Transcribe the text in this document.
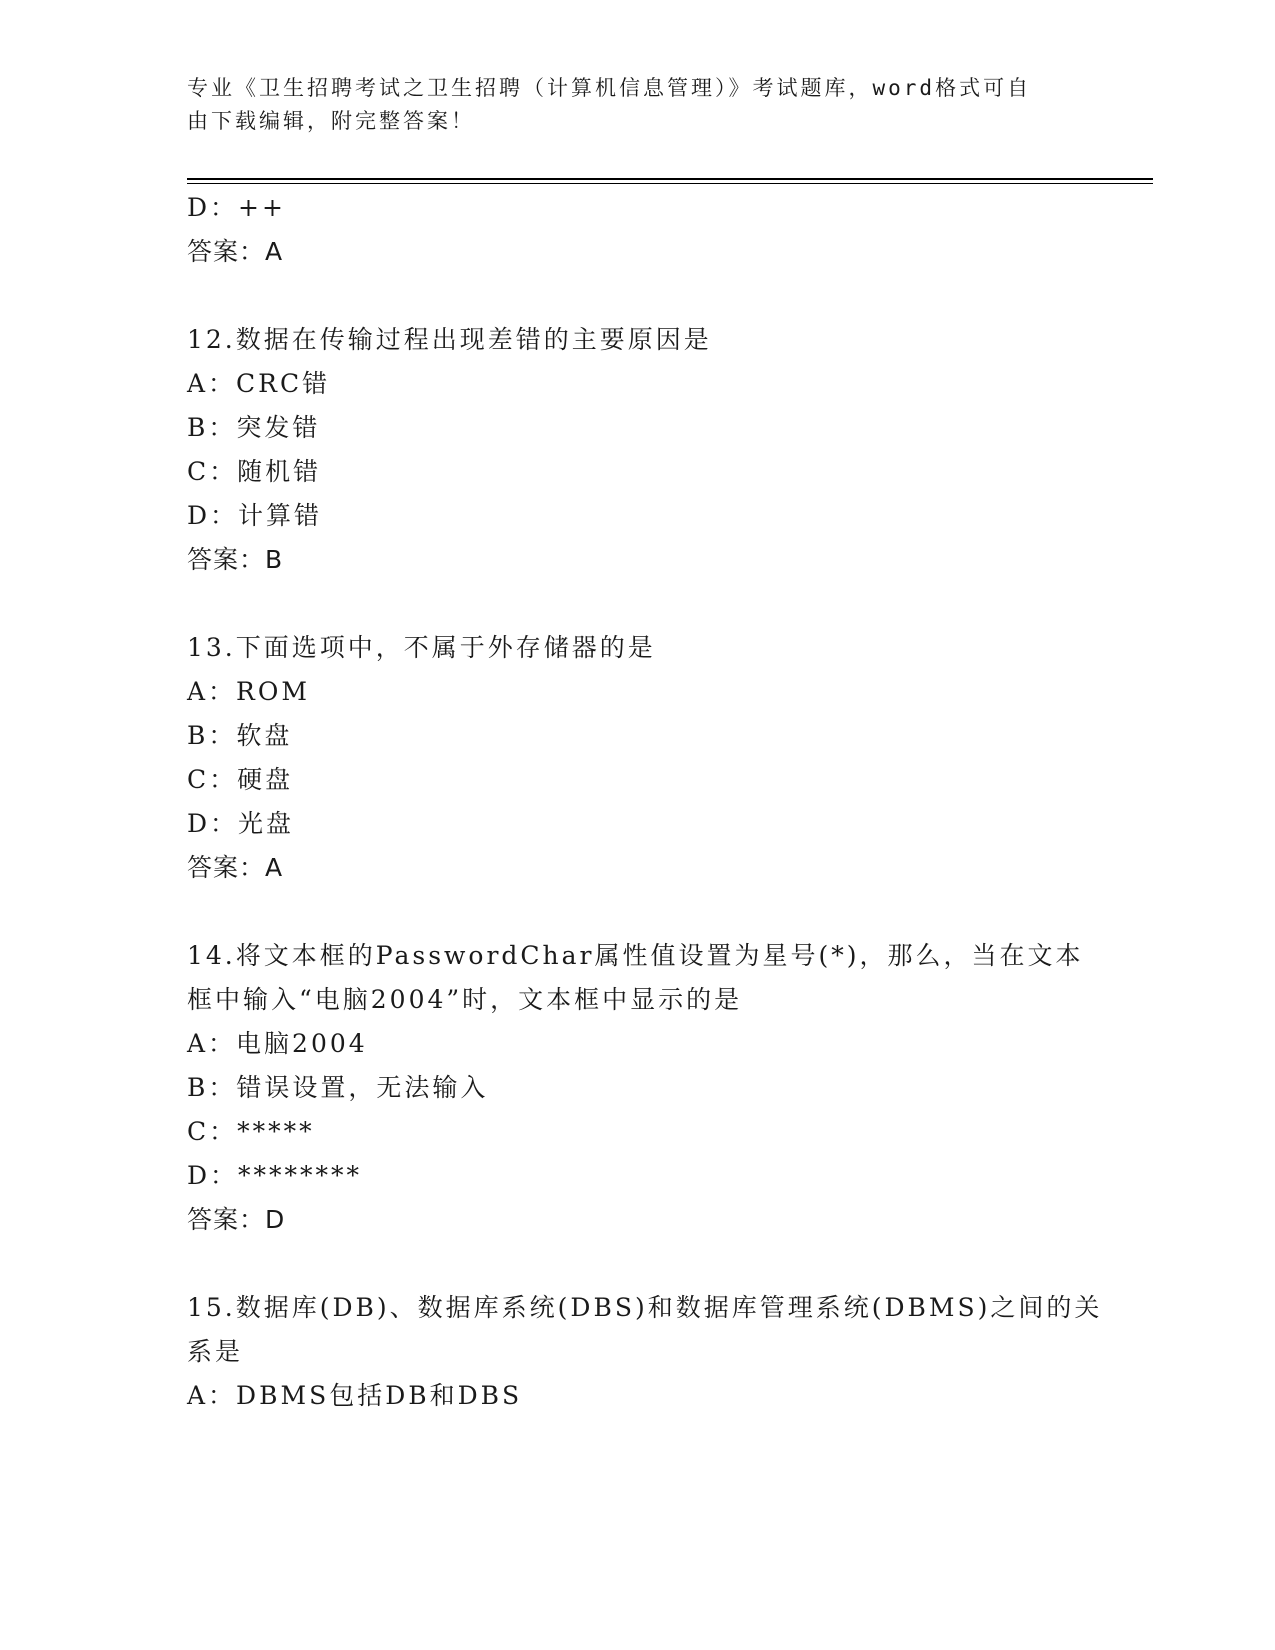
专业《卫生招聘考试之卫生招聘（计算机信息管理）》考试题库，word格式可自
由下载编辑，附完整答案！
D：++
答案：A
12.数据在传输过程出现差错的主要原因是
A：CRC错
B：突发错
C：随机错
D：计算错
答案：B
13.下面选项中，不属于外存储器的是
A：ROM
B：软盘
C：硬盘
D：光盘
答案：A
14.将文本框的PasswordChar属性值设置为星号(*)，那么，当在文本
框中输入“电脑2004”时，文本框中显示的是
A：电脑2004
B：错误设置，无法输入
C：*****
D：********
答案：D
15.数据库(DB)、数据库系统(DBS)和数据库管理系统(DBMS)之间的关
系是
A：DBMS包括DB和DBS
